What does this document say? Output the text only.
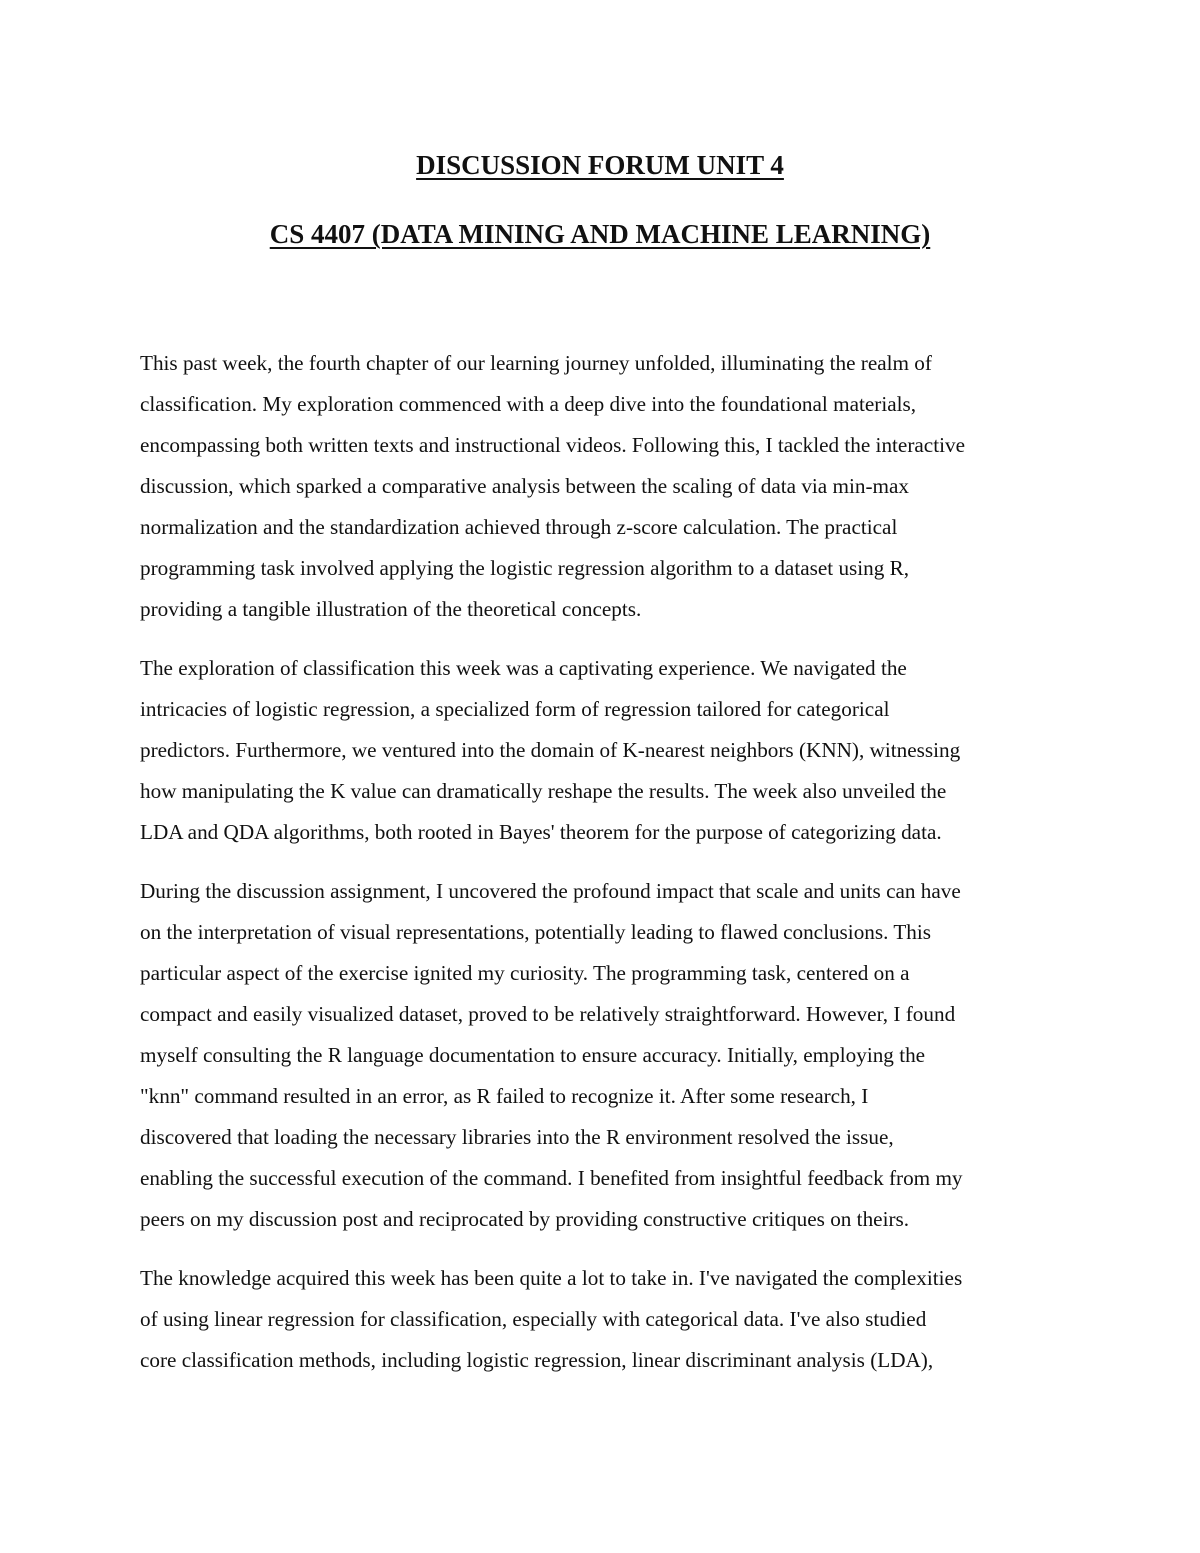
DISCUSSION FORUM UNIT 4
CS 4407 (DATA MINING AND MACHINE LEARNING)

This past week, the fourth chapter of our learning journey unfolded, illuminating the realm of
classification. My exploration commenced with a deep dive into the foundational materials,
encompassing both written texts and instructional videos. Following this, I tackled the interactive
discussion, which sparked a comparative analysis between the scaling of data via min-max
normalization and the standardization achieved through z-score calculation. The practical
programming task involved applying the logistic regression algorithm to a dataset using R,
providing a tangible illustration of the theoretical concepts.

The exploration of classification this week was a captivating experience. We navigated the
intricacies of logistic regression, a specialized form of regression tailored for categorical
predictors. Furthermore, we ventured into the domain of K-nearest neighbors (KNN), witnessing
how manipulating the K value can dramatically reshape the results. The week also unveiled the
LDA and QDA algorithms, both rooted in Bayes' theorem for the purpose of categorizing data.

During the discussion assignment, I uncovered the profound impact that scale and units can have
on the interpretation of visual representations, potentially leading to flawed conclusions. This
particular aspect of the exercise ignited my curiosity. The programming task, centered on a
compact and easily visualized dataset, proved to be relatively straightforward. However, I found
myself consulting the R language documentation to ensure accuracy. Initially, employing the
"knn" command resulted in an error, as R failed to recognize it. After some research, I
discovered that loading the necessary libraries into the R environment resolved the issue,
enabling the successful execution of the command. I benefited from insightful feedback from my
peers on my discussion post and reciprocated by providing constructive critiques on theirs.

The knowledge acquired this week has been quite a lot to take in. I've navigated the complexities
of using linear regression for classification, especially with categorical data. I've also studied
core classification methods, including logistic regression, linear discriminant analysis (LDA),
